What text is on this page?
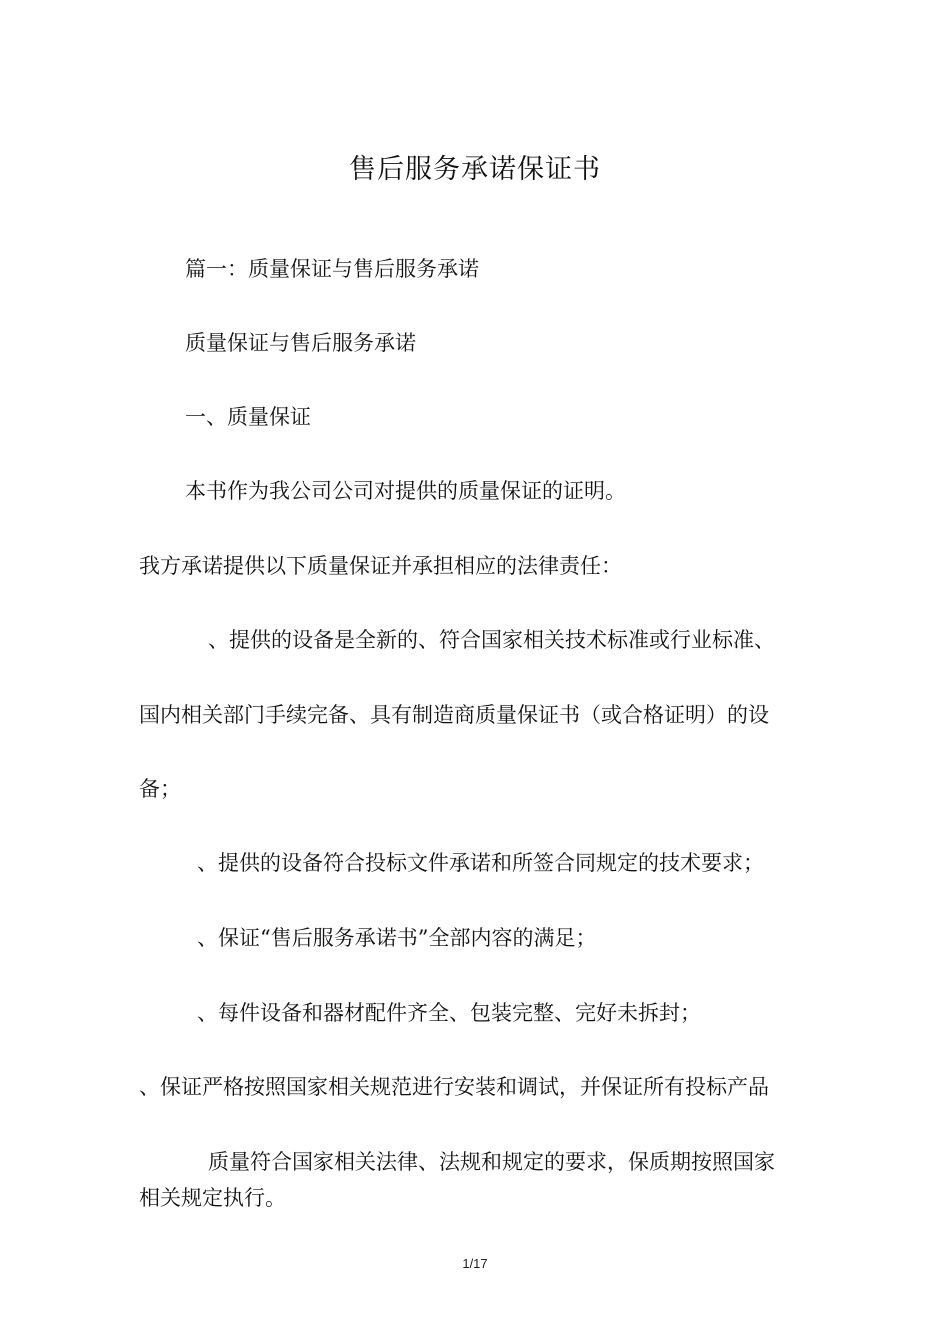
售后服务承诺保证书
篇一：质量保证与售后服务承诺
质量保证与售后服务承诺
一、质量保证
本书作为我公司公司对提供的质量保证的证明。
我方承诺提供以下质量保证并承担相应的法律责任：
、提供的设备是全新的、符合国家相关技术标准或行业标准、
国内相关部门手续完备、具有制造商质量保证书（或合格证明）的设
备；
、提供的设备符合投标文件承诺和所签合同规定的技术要求；
、保证“售后服务承诺书”全部内容的满足；
、每件设备和器材配件齐全、包装完整、完好未拆封；
、保证严格按照国家相关规范进行安装和调试，并保证所有投标产品
质量符合国家相关法律、法规和规定的要求，保质期按照国家
相关规定执行。
1/17
